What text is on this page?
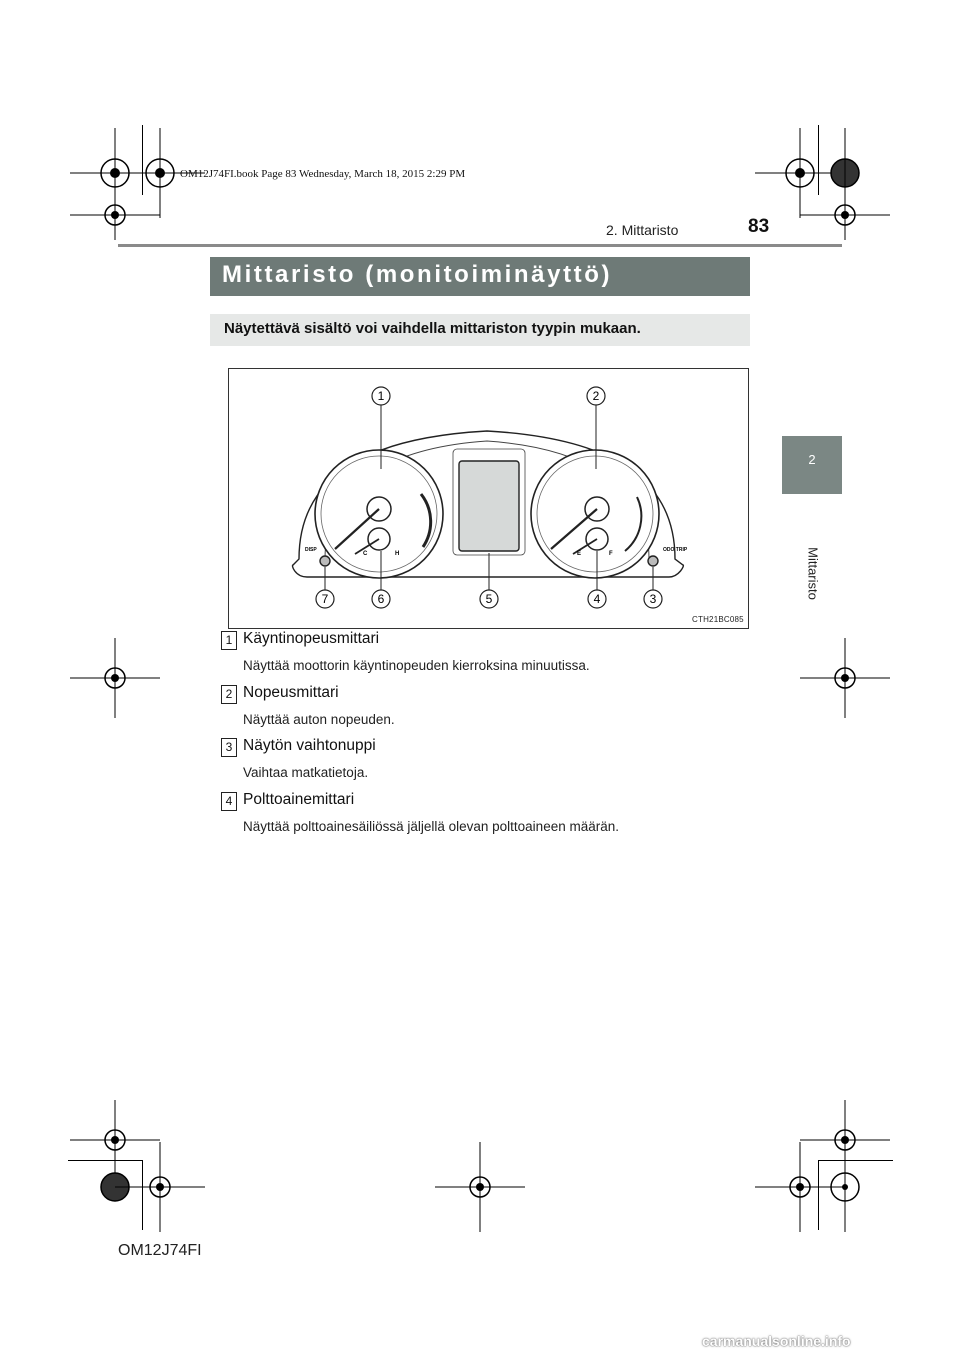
OM12J74FI.book Page 83 Wednesday, March 18, 2015 2:29 PM
2. Mittaristo	83
2
Mittaristo
Mittaristo (monitoiminäyttö)
Näytettävä sisältö voi vaihdella mittariston tyypin mukaan.
1	2
3
4
5
6
7
DISP	ODO TRIP
C	H	E	F
CTH21BC085
1 Käyntinopeusmittari
Näyttää moottorin käyntinopeuden kierroksina minuutissa.
2 Nopeusmittari
Näyttää auton nopeuden.
3 Näytön vaihtonuppi
Vaihtaa matkatietoja.
4 Polttoainemittari
Näyttää polttoainesäiliössä jäljellä olevan polttoaineen määrän.
OM12J74FI
carmanualsonline.info
